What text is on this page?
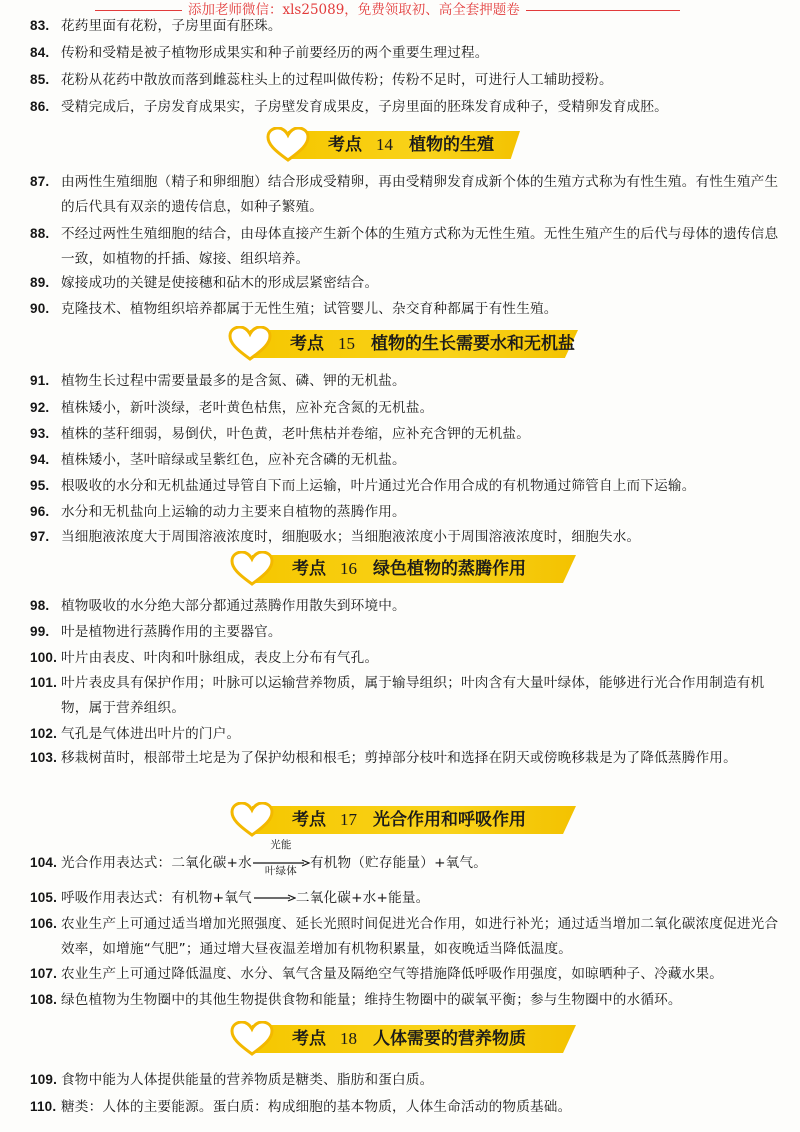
添加老师微信：xls25089，免费领取初、高全套押题卷
83. 花药里面有花粉，子房里面有胚珠。
84. 传粉和受精是被子植物形成果实和种子前要经历的两个重要生理过程。
85. 花粉从花药中散放而落到雌蕊柱头上的过程叫做传粉；传粉不足时，可进行人工辅助授粉。
86. 受精完成后，子房发育成果实，子房壁发育成果皮，子房里面的胚珠发育成种子，受精卵发育成胚。
考点 14 植物的生殖
87. 由两性生殖细胞（精子和卵细胞）结合形成受精卵，再由受精卵发育成新个体的生殖方式称为有性生殖。有性生殖产生的后代具有双亲的遗传信息，如种子繁殖。
88. 不经过两性生殖细胞的结合，由母体直接产生新个体的生殖方式称为无性生殖。无性生殖产生的后代与母体的遗传信息一致，如植物的扦插、嫁接、组织培养。
89. 嫁接成功的关键是使接穗和砧木的形成层紧密结合。
90. 克隆技术、植物组织培养都属于无性生殖；试管婴儿、杂交育种都属于有性生殖。
考点 15 植物的生长需要水和无机盐
91. 植物生长过程中需要量最多的是含氮、磷、钾的无机盐。
92. 植株矮小，新叶淡绿，老叶黄色枯焦，应补充含氮的无机盐。
93. 植株的茎秆细弱，易倒伏，叶色黄，老叶焦枯并卷缩，应补充含钾的无机盐。
94. 植株矮小，茎叶暗绿或呈紫红色，应补充含磷的无机盐。
95. 根吸收的水分和无机盐通过导管自下而上运输，叶片通过光合作用合成的有机物通过筛管自上而下运输。
96. 水分和无机盐向上运输的动力主要来自植物的蒸腾作用。
97. 当细胞液浓度大于周围溶液浓度时，细胞吸水；当细胞液浓度小于周围溶液浓度时，细胞失水。
考点 16 绿色植物的蒸腾作用
98. 植物吸收的水分绝大部分都通过蒸腾作用散失到环境中。
99. 叶是植物进行蒸腾作用的主要器官。
100. 叶片由表皮、叶肉和叶脉组成，表皮上分布有气孔。
101. 叶片表皮具有保护作用；叶脉可以运输营养物质，属于输导组织；叶肉含有大量叶绿体，能够进行光合作用制造有机物，属于营养组织。
102. 气孔是气体进出叶片的门户。
103. 移栽树苗时，根部带土坨是为了保护幼根和根毛；剪掉部分枝叶和选择在阴天或傍晚移栽是为了降低蒸腾作用。
考点 17 光合作用和呼吸作用
104. 光合作用表达式：二氧化碳+水
光能
叶绿体 有机物（贮存能量）+氧气。
105. 呼吸作用表达式：有机物+氧气	二氧化碳+水+能量。
106. 农业生产上可通过适当增加光照强度、延长光照时间促进光合作用，如进行补光；通过适当增加二氧化碳浓度促进光合效率，如增施“气肥”；通过增大昼夜温差增加有机物积累量，如夜晚适当降低温度。
107. 农业生产上可通过降低温度、水分、氧气含量及隔绝空气等措施降低呼吸作用强度，如晾晒种子、冷藏水果。
108. 绿色植物为生物圈中的其他生物提供食物和能量；维持生物圈中的碳氧平衡；参与生物圈中的水循环。
考点 18 人体需要的营养物质
109. 食物中能为人体提供能量的营养物质是糖类、脂肪和蛋白质。
110. 糖类：人体的主要能源。蛋白质：构成细胞的基本物质，人体生命活动的物质基础。
